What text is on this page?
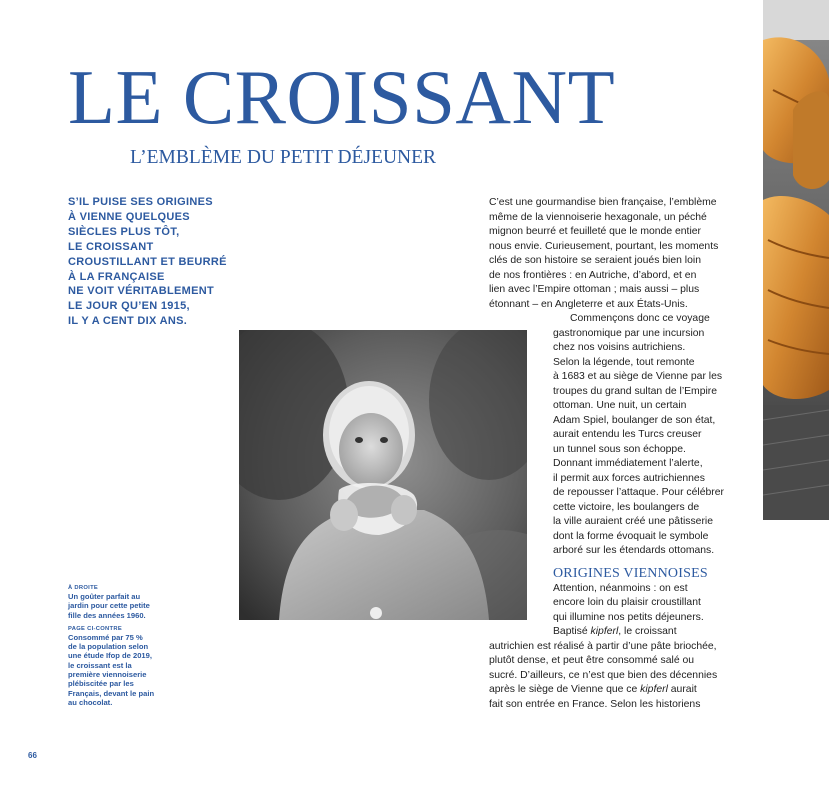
LE CROISSANT
L’EMBLÈME DU PETIT DÉJEUNER

S’IL PUISE SES ORIGINES
À VIENNE QUELQUES
SIÈCLES PLUS TÔT,
LE CROISSANT
CROUSTILLANT ET BEURRÉ
À LA FRANÇAISE
NE VOIT VÉRITABLEMENT
LE JOUR QU’EN 1915,
IL Y A CENT DIX ANS.

À DROITE
Un goûter parfait au
jardin pour cette petite
fille des années 1960.
PAGE CI-CONTRE
Consommé par 75 %
de la population selon
une étude Ifop de 2019,
le croissant est la
première viennoiserie
plébiscitée par les
Français, devant le pain
au chocolat.
66
C’est une gourmandise bien française, l’emblème
même de la viennoiserie hexagonale, un péché
mignon beurré et feuilleté que le monde entier
nous envie. Curieusement, pourtant, les moments
clés de son histoire se seraient joués bien loin
de nos frontières : en Autriche, d’abord, et en
lien avec l’Empire ottoman ; mais aussi – plus
étonnant – en Angleterre et aux États-Unis.
Commençons donc ce voyage
gastronomique par une incursion
chez nos voisins autrichiens.
Selon la légende, tout remonte
à 1683 et au siège de Vienne par les
troupes du grand sultan de l’Empire
ottoman. Une nuit, un certain
Adam Spiel, boulanger de son état,
aurait entendu les Turcs creuser
un tunnel sous son échoppe.
Donnant immédiatement l’alerte,
il permit aux forces autrichiennes
de repousser l’attaque. Pour célébrer
cette victoire, les boulangers de
la ville auraient créé une pâtisserie
dont la forme évoquait le symbole
arboré sur les étendards ottomans.
ORIGINES VIENNOISES
Attention, néanmoins : on est
encore loin du plaisir croustillant
qui illumine nos petits déjeuners.
Baptisé kipferl, le croissant
autrichien est réalisé à partir d’une pâte briochée,
plutôt dense, et peut être consommé salé ou
sucré. D’ailleurs, ce n’est que bien des décennies
après le siège de Vienne que ce kipferl aurait
fait son entrée en France. Selon les historiens
